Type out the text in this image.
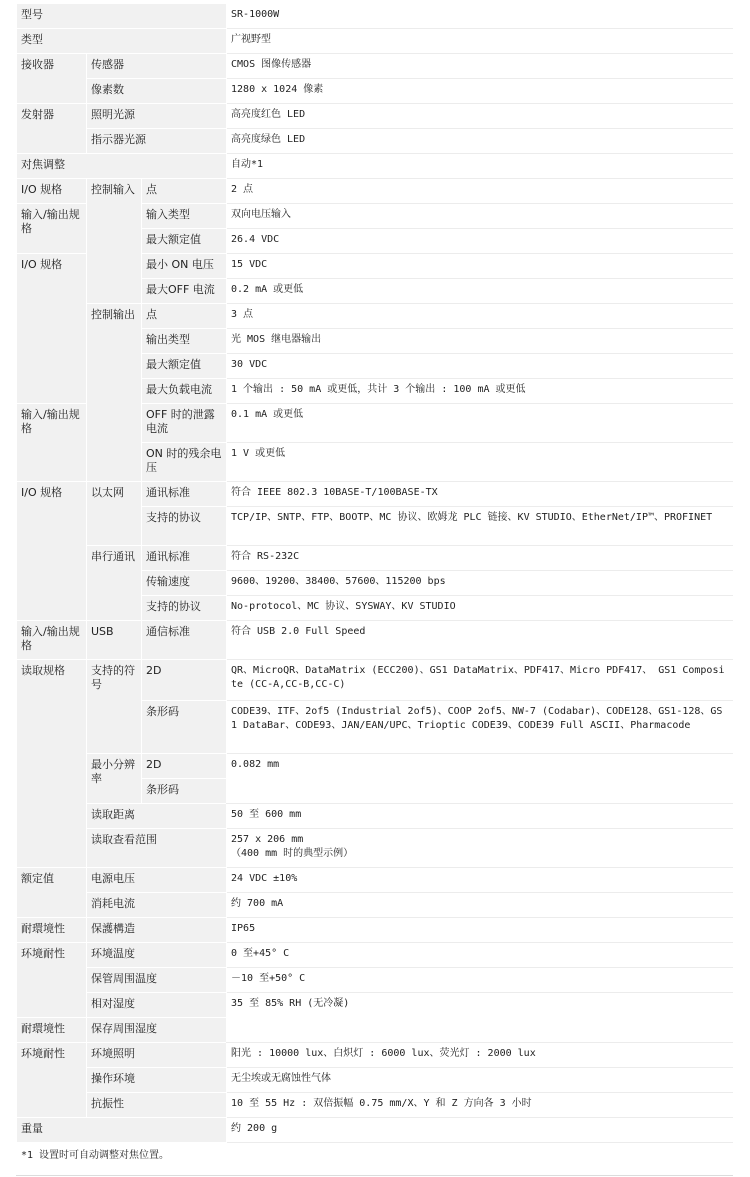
型号			SR-1000W
类型			广视野型
接收器	传感器		CMOS 图像传感器
	像素数		1280 x 1024 像素
发射器	照明光源		高亮度红色 LED
	指示器光源		高亮度绿色 LED
对焦调整			自动*1
I/O 规格	控制输入	点	2 点
输入/输出规格		输入类型	双向电压输入
		最大额定值	26.4 VDC
I/O 规格		最小 ON 电压	15 VDC
		最大OFF 电流	0.2 mA 或更低
	控制输出	点	3 点
		输出类型	光 MOS 继电器输出
		最大额定值	30 VDC
		最大负载电流	1 个输出 : 50 mA 或更低，共计 3 个输出 : 100 mA 或更低
输入/输出规格		OFF 时的泄露电流	0.1 mA 或更低
		ON 时的残余电压	1 V 或更低
I/O 规格	以太网	通讯标准	符合 IEEE 802.3 10BASE-T/100BASE-TX
		支持的协议	TCP/IP、SNTP、FTP、BOOTP、MC 协议、欧姆龙 PLC 链接、KV STUDIO、EtherNet/IP™、PROFINET
	串行通讯	通讯标准	符合 RS-232C
		传输速度	9600、19200、38400、57600、115200 bps
		支持的协议	No-protocol、MC 协议、SYSWAY、KV STUDIO
输入/输出规格	USB	通信标准	符合 USB 2.0 Full Speed
读取规格	支持的符号	2D	QR、MicroQR、DataMatrix (ECC200)、GS1 DataMatrix、PDF417、Micro PDF417、 GS1 Composite (CC-A,CC-B,CC-C)
		条形码	CODE39、ITF、2of5 (Industrial 2of5)、COOP 2of5、NW-7 (Codabar)、CODE128、GS1-128、GS1 DataBar、CODE93、JAN/EAN/UPC、Trioptic CODE39、CODE39 Full ASCII、Pharmacode
	最小分辨率	2D	0.082 mm
		条形码	
	读取距离		50 至 600 mm
	读取查看范围		257 x 206 mm
（400 mm 时的典型示例）
额定值	电源电压		24 VDC ±10%
	消耗电流		约 700 mA
耐環境性	保護構造		IP65
环境耐性	环境温度		0 至+45° C
	保管周围温度		－10 至+50° C
	相对湿度		35 至 85% RH (无冷凝)
耐環境性	保存周围湿度		
环境耐性	环境照明		阳光 : 10000 lux、白炽灯 : 6000 lux、荧光灯 : 2000 lux
	操作环境		无尘埃或无腐蚀性气体
	抗振性		10 至 55 Hz : 双倍振幅 0.75 mm/X、Y 和 Z 方向各 3 小时
重量			约 200 g
*1 设置时可自动调整对焦位置。			
